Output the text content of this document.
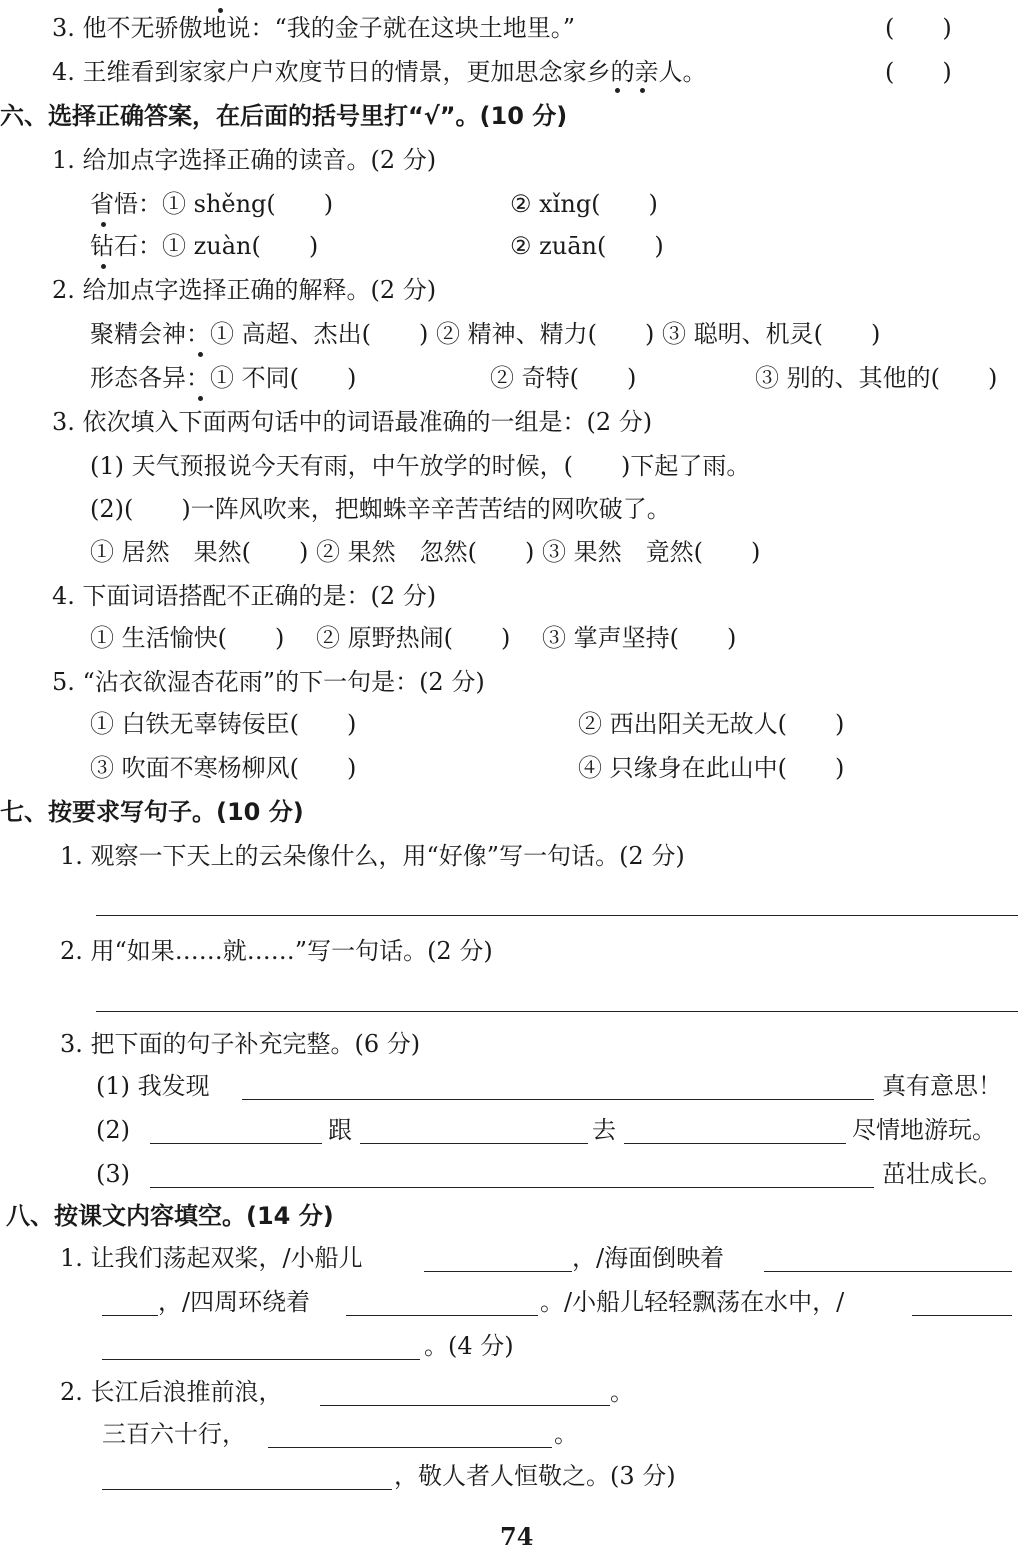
3. 他不无骄傲地说：“我的金子就在这块土地里。”	(　　)
4. 王维看到家家户户欢度节日的情景，更加思念家乡的亲人。	(　　)
六、选择正确答案，在后面的括号里打“√”。(10 分)
1. 给加点字选择正确的读音。(2 分)
省悟：① shěng(　　)	② xǐng(　　)
钻石：① zuàn(　　)	② zuān(　　)
2. 给加点字选择正确的解释。(2 分)
聚精会神：① 高超、杰出(　　) ② 精神、精力(　　) ③ 聪明、机灵(　　)
形态各异：① 不同(　　)	② 奇特(　　)	③ 别的、其他的(　　)
3. 依次填入下面两句话中的词语最准确的一组是：(2 分)
(1) 天气预报说今天有雨，中午放学的时候，(　　)下起了雨。
(2)(　　)一阵风吹来，把蜘蛛辛辛苦苦结的网吹破了。
① 居然　果然(　　) ② 果然　忽然(　　) ③ 果然　竟然(　　)
4. 下面词语搭配不正确的是：(2 分)
① 生活愉快(　　)　 ② 原野热闹(　　)　 ③ 掌声坚持(　　)
5. “沾衣欲湿杏花雨”的下一句是：(2 分)
① 白铁无辜铸佞臣(　　)	② 西出阳关无故人(　　)
③ 吹面不寒杨柳风(　　)	④ 只缘身在此山中(　　)
七、按要求写句子。(10 分)
1. 观察一下天上的云朵像什么，用“好像”写一句话。(2 分)
2. 用“如果……就……”写一句话。(2 分)
3. 把下面的句子补充完整。(6 分)
(1) 我发现	真有意思！
(2)	跟	去	尽情地游玩。
(3)	茁壮成长。
八、按课文内容填空。(14 分)
1. 让我们荡起双桨，/小船儿	，/海面倒映着
，/四周环绕着	。/小船儿轻轻飘荡在水中，/
。(4 分)
2. 长江后浪推前浪，	。
三百六十行，	。
，敬人者人恒敬之。(3 分)
74
